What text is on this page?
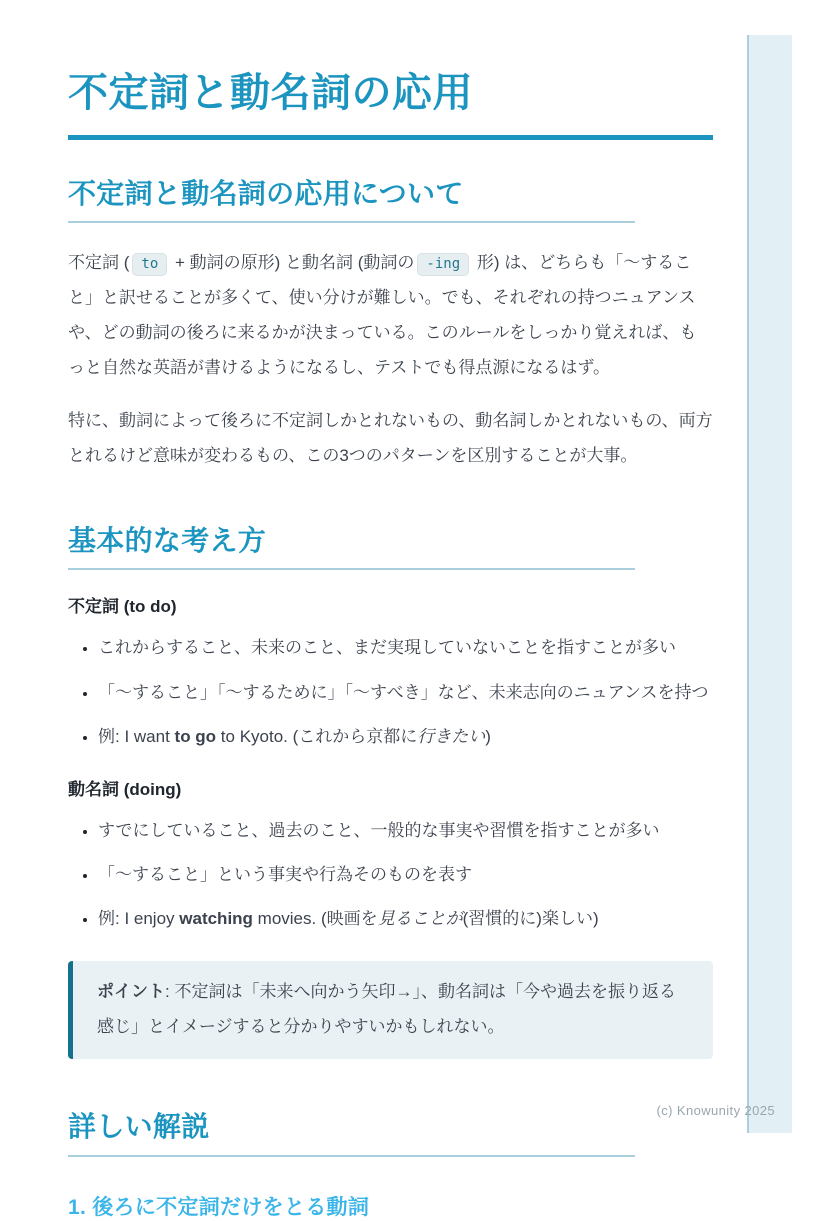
(c) Knowunity 2025
不定詞と動名詞の応用
不定詞と動名詞の応用について

不定詞 ( to + 動詞の原形) と動名詞 (動詞の -ing 形) は、どちらも「〜すること」と訳せることが多くて、使い分けが難しい。でも、それぞれの持つニュアンスや、どの動詞の後ろに来るかが決まっている。このルールをしっかり覚えれば、もっと自然な英語が書けるようになるし、テストでも得点源になるはず。

特に、動詞によって後ろに不定詞しかとれないもの、動名詞しかとれないもの、両方とれるけど意味が変わるもの、この3つのパターンを区別することが大事。

基本的な考え方

不定詞 (to do)

• これからすること、未来のこと、まだ実現していないことを指すことが多い
• 「〜すること」「〜するために」「〜すべき」など、未来志向のニュアンスを持つ
• 例: I want to go to Kyoto. (これから京都に行きたい)

動名詞 (doing)

• すでにしていること、過去のこと、一般的な事実や習慣を指すことが多い
• 「〜すること」という事実や行為そのものを表す
• 例: I enjoy watching movies. (映画を見ることが(習慣的に)楽しい)

ポイント: 不定詞は「未来へ向かう矢印→」、動名詞は「今や過去を振り返る感じ」とイメージすると分かりやすいかもしれない。

詳しい解説
1. 後ろに不定詞だけをとる動詞
